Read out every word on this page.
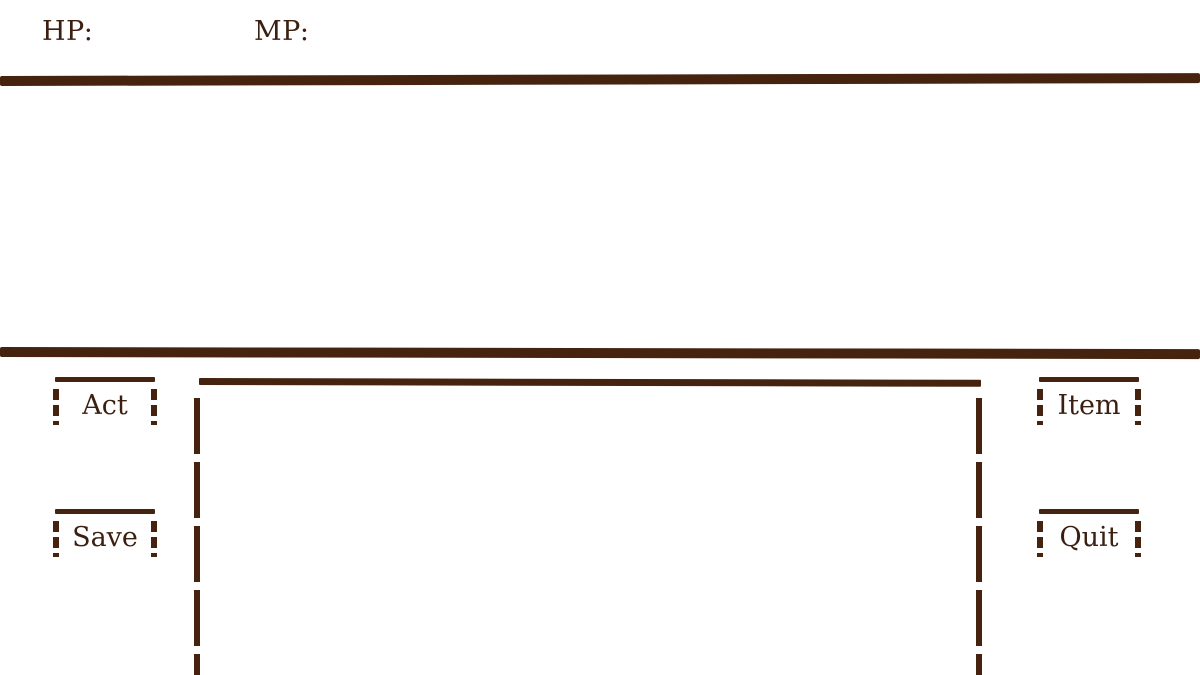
HP:	MP:
Act
Save
Item
Quit
